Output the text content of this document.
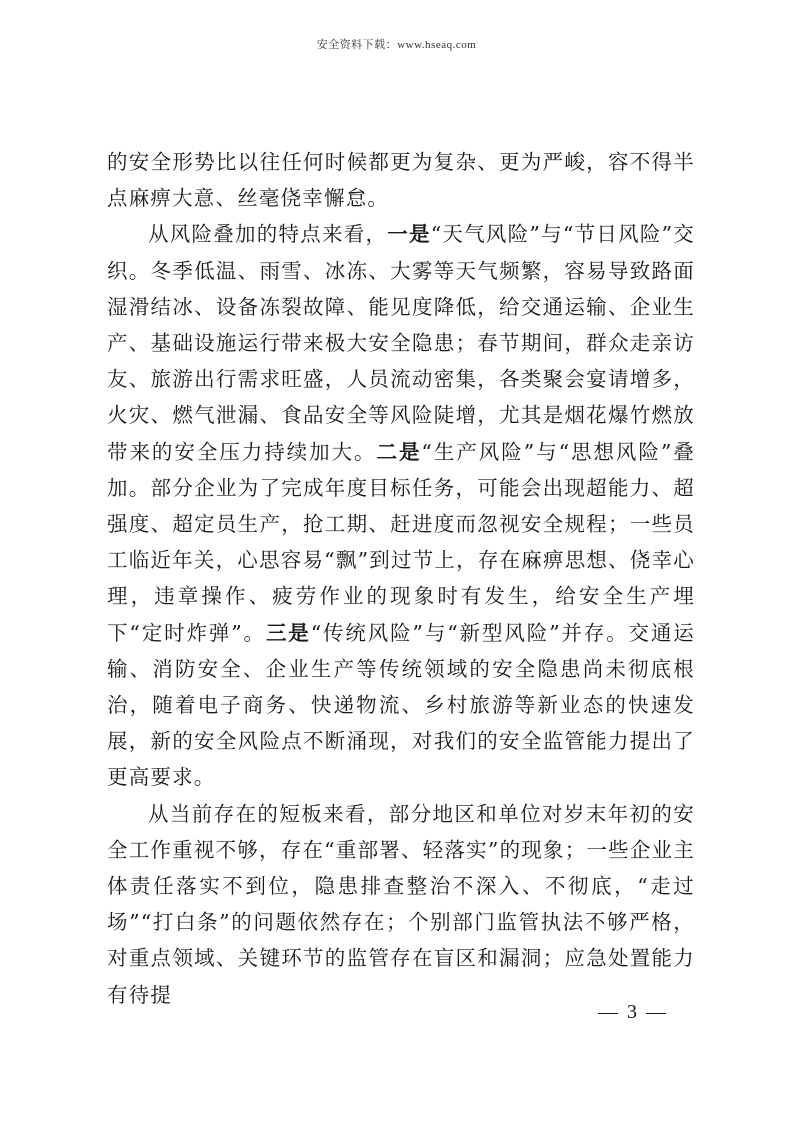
安全资料下载：www.hseaq.com

的安全形势比以往任何时候都更为复杂、更为严峻，容不得半点麻痹大意、丝毫侥幸懈怠。

从风险叠加的特点来看，一是“天气风险”与“节日风险”交织。冬季低温、雨雪、冰冻、大雾等天气频繁，容易导致路面湿滑结冰、设备冻裂故障、能见度降低，给交通运输、企业生产、基础设施运行带来极大安全隐患；春节期间，群众走亲访友、旅游出行需求旺盛，人员流动密集，各类聚会宴请增多，火灾、燃气泄漏、食品安全等风险陡增，尤其是烟花爆竹燃放带来的安全压力持续加大。二是“生产风险”与“思想风险”叠加。部分企业为了完成年度目标任务，可能会出现超能力、超强度、超定员生产，抢工期、赶进度而忽视安全规程；一些员工临近年关，心思容易“飘”到过节上，存在麻痹思想、侥幸心理，违章操作、疲劳作业的现象时有发生，给安全生产埋下“定时炸弹”。三是“传统风险”与“新型风险”并存。交通运输、消防安全、企业生产等传统领域的安全隐患尚未彻底根治，随着电子商务、快递物流、乡村旅游等新业态的快速发展，新的安全风险点不断涌现，对我们的安全监管能力提出了更高要求。

从当前存在的短板来看，部分地区和单位对岁末年初的安全工作重视不够，存在“重部署、轻落实”的现象；一些企业主体责任落实不到位，隐患排查整治不深入、不彻底，“走过场”“打白条”的问题依然存在；个别部门监管执法不够严格，对重点领域、关键环节的监管存在盲区和漏洞；应急处置能力有待提

— 3 —
